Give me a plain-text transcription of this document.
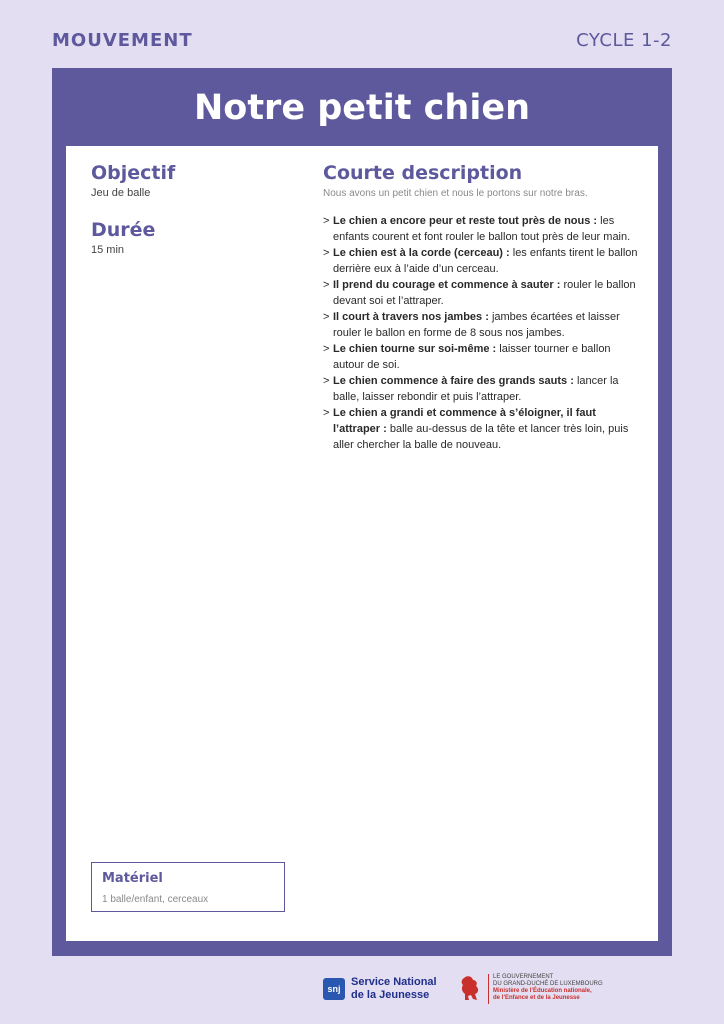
MOUVEMENT	CYCLE 1-2
Notre petit chien
Objectif

Jeu de balle

Durée

15 min

Courte description

Nous avons un petit chien et nous le portons sur notre bras.

> Le chien a encore peur et reste tout près de nous : les enfants courent et font rouler le ballon tout près de leur main.
> Le chien est à la corde (cerceau) : les enfants tirent le ballon derrière eux à l’aide d’un cerceau.
> Il prend du courage et commence à sauter : rouler le ballon devant soi et l’attraper.
> Il court à travers nos jambes : jambes écartées et laisser rouler le ballon en forme de 8 sous nos jambes.
> Le chien tourne sur soi-même : laisser tourner e ballon autour de soi.
> Le chien commence à faire des grands sauts : lancer la balle, laisser rebondir et puis l’attraper.
> Le chien a grandi et commence à s’éloigner, il faut l’attraper : balle au-dessus de la tête et lancer très loin, puis aller chercher la balle de nouveau.
Matériel

1 balle/enfant, cerceaux

snj
Service National
de la Jeunesse
LE GOUVERNEMENT
DU GRAND-DUCHÉ DE LUXEMBOURG
Ministère de l’Éducation nationale,
de l’Enfance et de la Jeunesse
